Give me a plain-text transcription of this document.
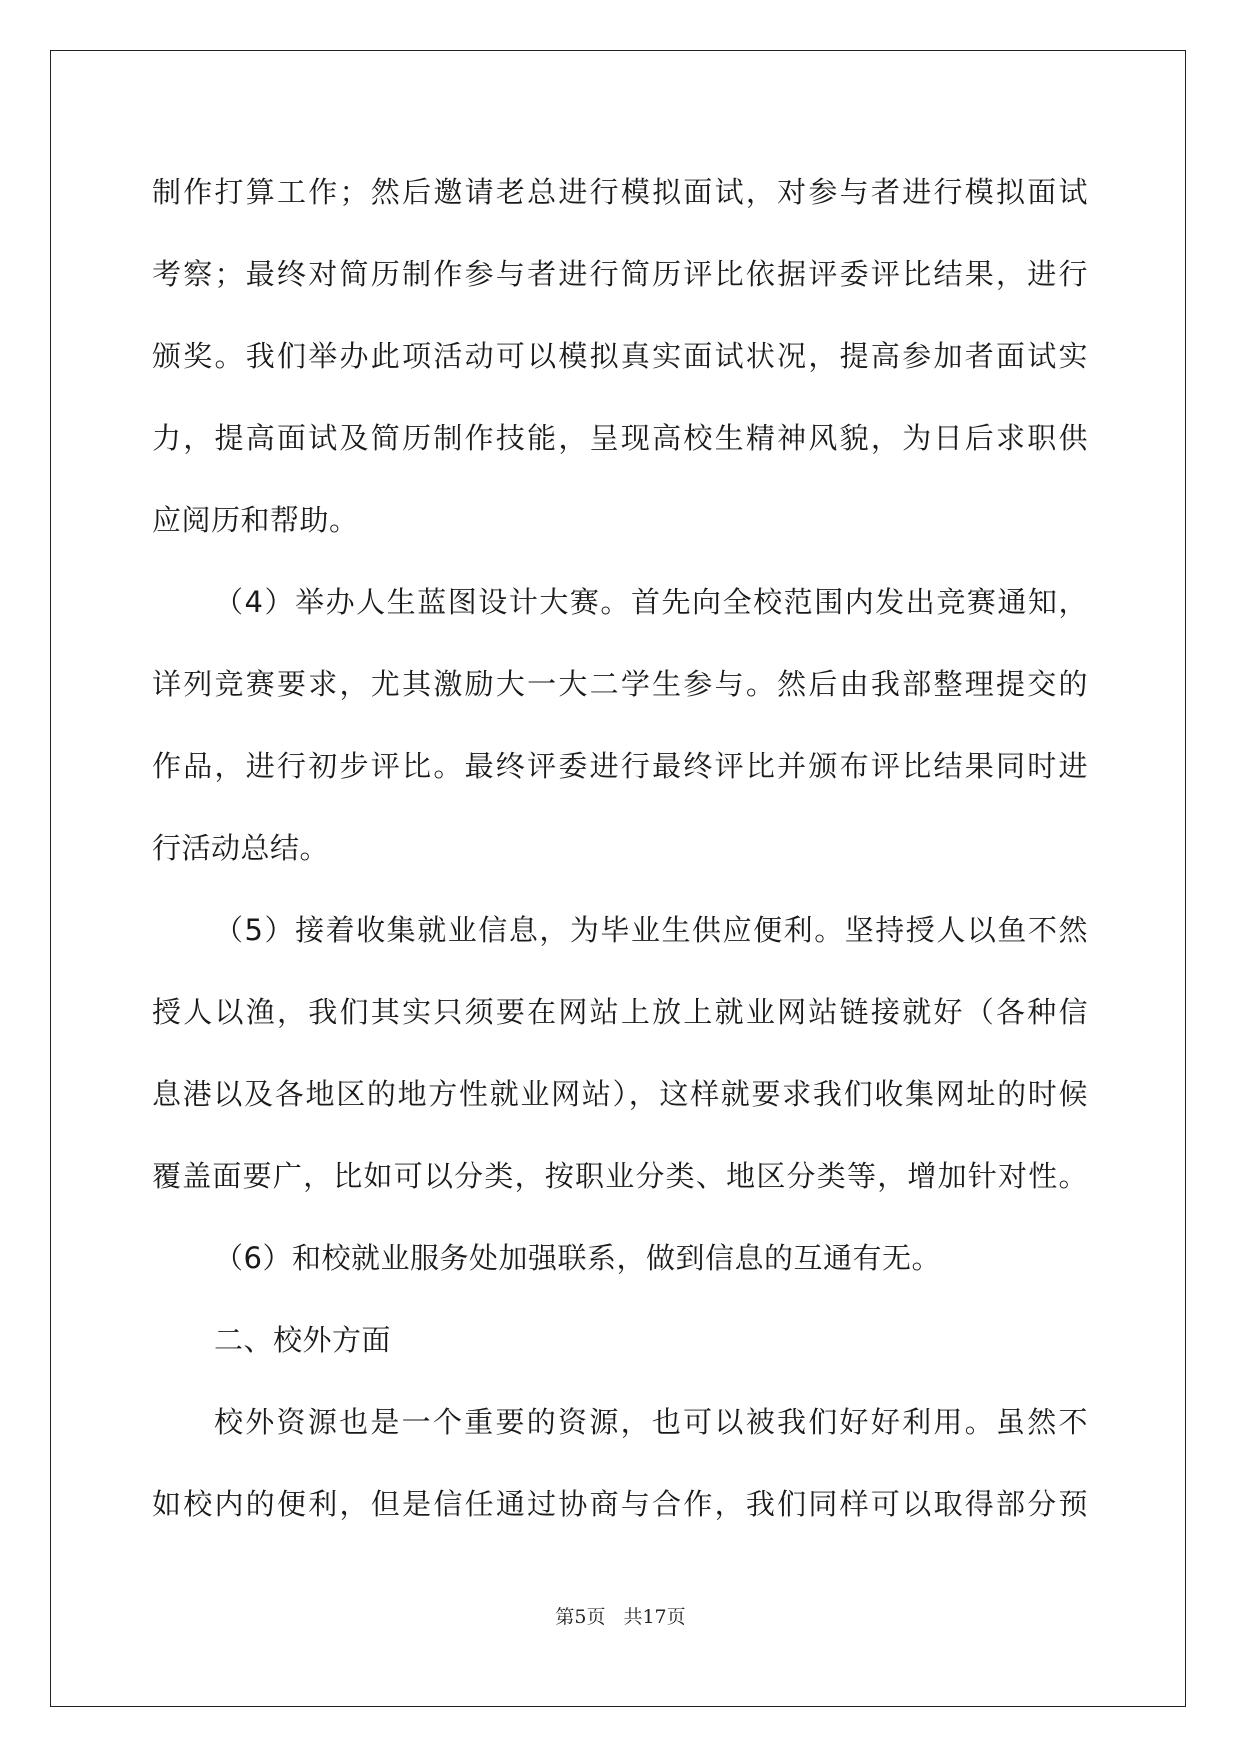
制作打算工作；然后邀请老总进行模拟面试，对参与者进行模拟面试
考察；最终对简历制作参与者进行简历评比依据评委评比结果，进行
颁奖。我们举办此项活动可以模拟真实面试状况，提高参加者面试实
力，提高面试及简历制作技能，呈现高校生精神风貌，为日后求职供
应阅历和帮助。
（4）举办人生蓝图设计大赛。首先向全校范围内发出竞赛通知，
详列竞赛要求，尤其激励大一大二学生参与。然后由我部整理提交的
作品，进行初步评比。最终评委进行最终评比并颁布评比结果同时进
行活动总结。
（5）接着收集就业信息，为毕业生供应便利。坚持授人以鱼不然
授人以渔，我们其实只须要在网站上放上就业网站链接就好（各种信
息港以及各地区的地方性就业网站），这样就要求我们收集网址的时候
覆盖面要广，比如可以分类，按职业分类、地区分类等，增加针对性。
（6）和校就业服务处加强联系，做到信息的互通有无。
二、校外方面
校外资源也是一个重要的资源，也可以被我们好好利用。虽然不
如校内的便利，但是信任通过协商与合作，我们同样可以取得部分预
第5页 共17页
